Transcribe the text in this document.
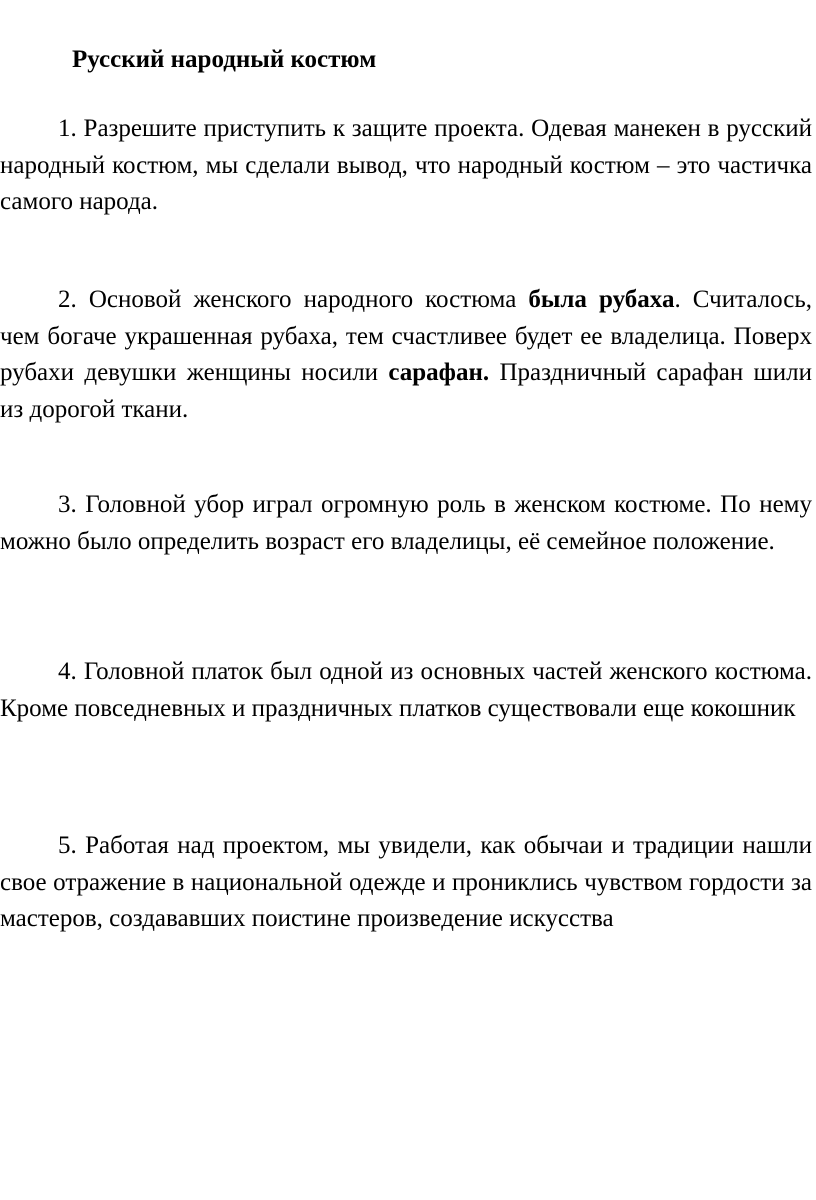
Русский народный костюм

1. Разрешите приступить к защите проекта. Одевая манекен в русский народный костюм, мы сделали вывод, что народный костюм – это частичка самого народа.

2. Основой женского народного костюма была рубаха. Считалось, чем богаче украшенная рубаха, тем счастливее будет ее владелица. Поверх рубахи девушки женщины носили сарафан. Праздничный сарафан шили из дорогой ткани.

3. Головной убор играл огромную роль в женском костюме. По нему можно было определить возраст его владелицы, её семейное положение.

4. Головной платок был одной из основных частей женского костюма. Кроме повседневных и праздничных платков существовали еще кокошник

5. Работая над проектом, мы увидели, как обычаи и традиции нашли свое отражение в национальной одежде и прониклись чувством гордости за мастеров, создававших поистине произведение искусства
